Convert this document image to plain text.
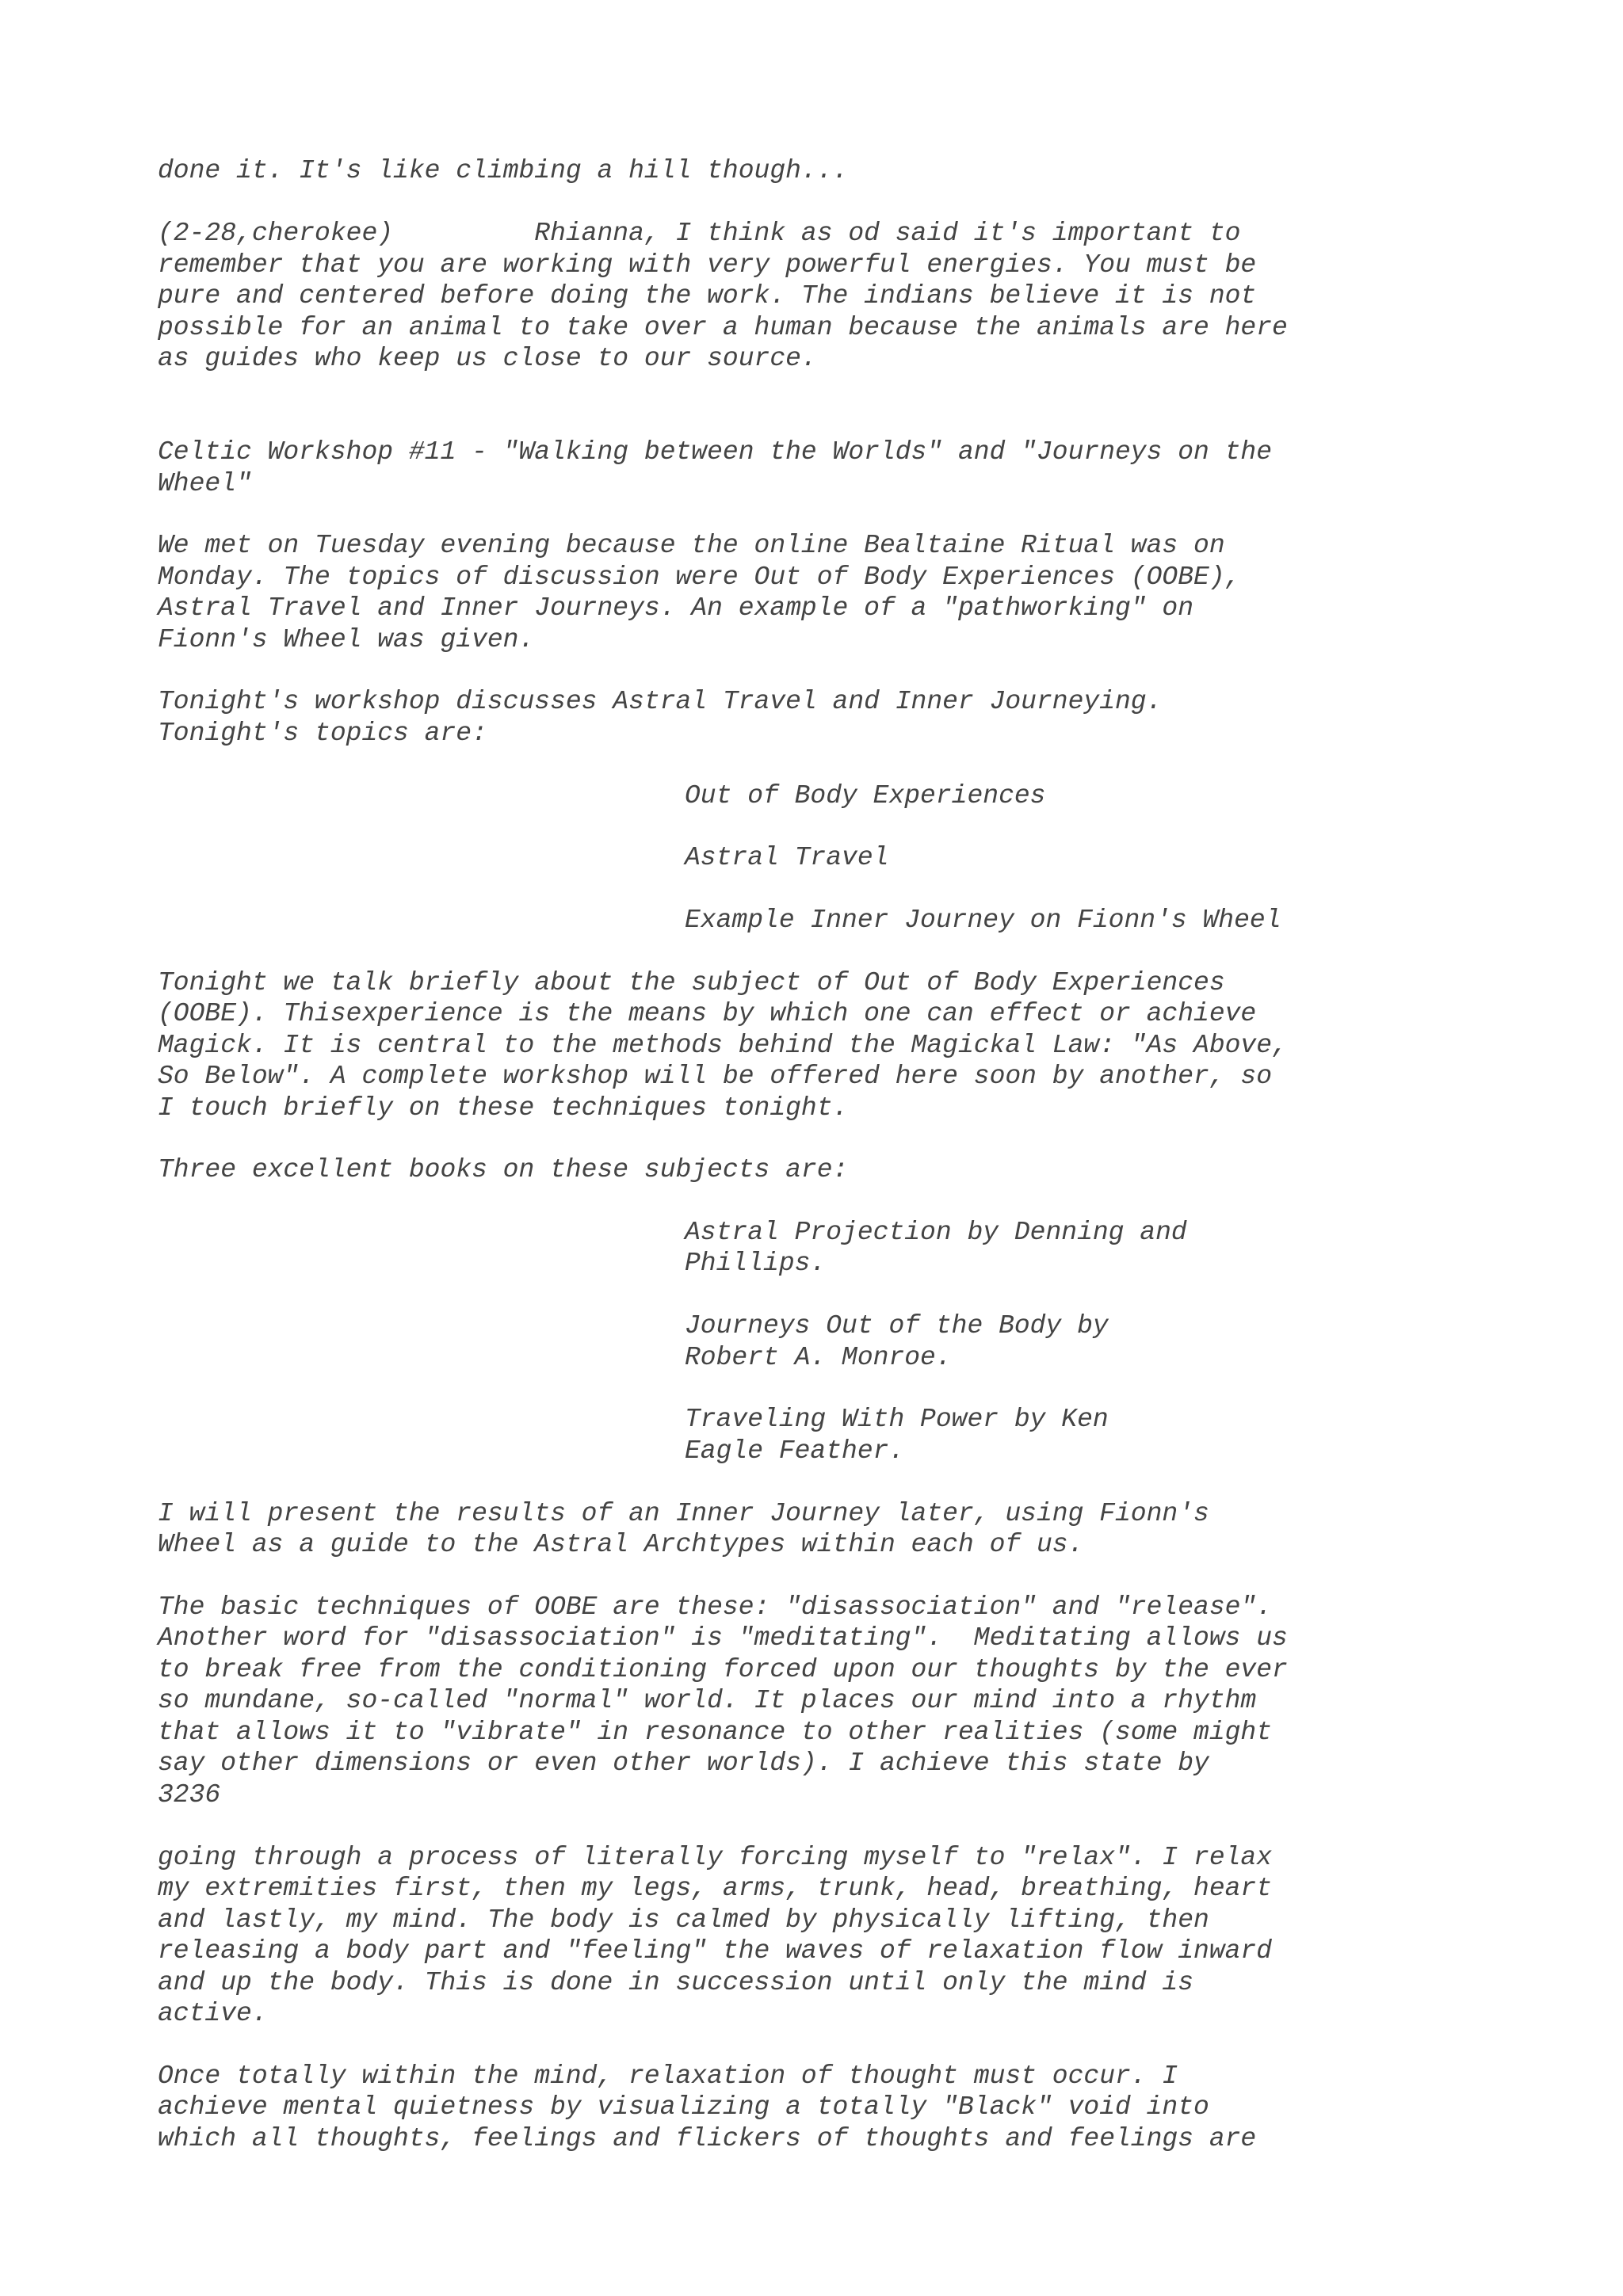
done it. It's like climbing a hill though...

(2-28,cherokee)         Rhianna, I think as od said it's important to

remember that you are working with very powerful energies. You must be

pure and centered before doing the work. The indians believe it is not

possible for an animal to take over a human because the animals are here

as guides who keep us close to our source.

Celtic Workshop #11 - "Walking between the Worlds" and "Journeys on the

Wheel"

We met on Tuesday evening because the online Bealtaine Ritual was on

Monday. The topics of discussion were Out of Body Experiences (OOBE),

Astral Travel and Inner Journeys. An example of a "pathworking" on

Fionn's Wheel was given.

Tonight's workshop discusses Astral Travel and Inner Journeying.

Tonight's topics are:

Out of Body Experiences

Astral Travel

Example Inner Journey on Fionn's Wheel

Tonight we talk briefly about the subject of Out of Body Experiences

(OOBE). Thisexperience is the means by which one can effect or achieve

Magick. It is central to the methods behind the Magickal Law: "As Above,

So Below". A complete workshop will be offered here soon by another, so

I touch briefly on these techniques tonight.

Three excellent books on these subjects are:

Astral Projection by Denning and

Phillips.

Journeys Out of the Body by

Robert A. Monroe.

Traveling With Power by Ken

Eagle Feather.

I will present the results of an Inner Journey later, using Fionn's

Wheel as a guide to the Astral Archtypes within each of us.

The basic techniques of OOBE are these: "disassociation" and "release".

Another word for "disassociation" is "meditating".  Meditating allows us

to break free from the conditioning forced upon our thoughts by the ever

so mundane, so-called "normal" world. It places our mind into a rhythm

that allows it to "vibrate" in resonance to other realities (some might

say other dimensions or even other worlds). I achieve this state by

3236

going through a process of literally forcing myself to "relax". I relax

my extremities first, then my legs, arms, trunk, head, breathing, heart

and lastly, my mind. The body is calmed by physically lifting, then

releasing a body part and "feeling" the waves of relaxation flow inward

and up the body. This is done in succession until only the mind is

active.

Once totally within the mind, relaxation of thought must occur. I

achieve mental quietness by visualizing a totally "Black" void into

which all thoughts, feelings and flickers of thoughts and feelings are
